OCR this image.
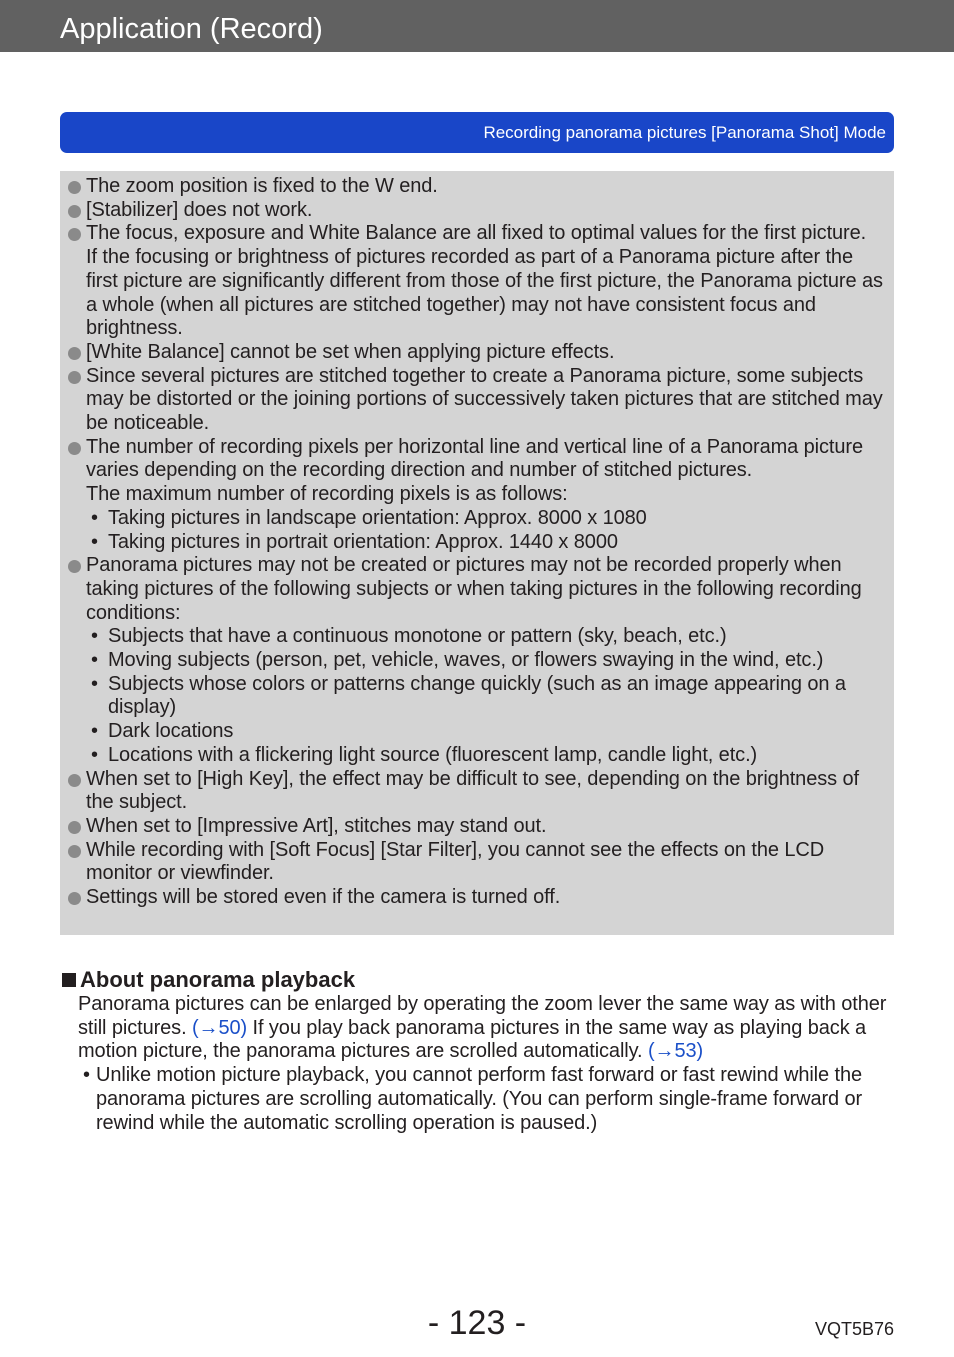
Application (Record)
Recording panorama pictures [Panorama Shot] Mode
The zoom position is fixed to the W end.
[Stabilizer] does not work.
The focus, exposure and White Balance are all fixed to optimal values for the first picture.
If the focusing or brightness of pictures recorded as part of a Panorama picture after the first picture are significantly different from those of the first picture, the Panorama picture as a whole (when all pictures are stitched together) may not have consistent focus and brightness.
[White Balance] cannot be set when applying picture effects.
Since several pictures are stitched together to create a Panorama picture, some subjects may be distorted or the joining portions of successively taken pictures that are stitched may be noticeable.
The number of recording pixels per horizontal line and vertical line of a Panorama picture varies depending on the recording direction and number of stitched pictures.
The maximum number of recording pixels is as follows:
• Taking pictures in landscape orientation: Approx. 8000 x 1080
• Taking pictures in portrait orientation: Approx. 1440 x 8000
Panorama pictures may not be created or pictures may not be recorded properly when taking pictures of the following subjects or when taking pictures in the following recording conditions:
• Subjects that have a continuous monotone or pattern (sky, beach, etc.)
• Moving subjects (person, pet, vehicle, waves, or flowers swaying in the wind, etc.)
• Subjects whose colors or patterns change quickly (such as an image appearing on a display)
• Dark locations
• Locations with a flickering light source (fluorescent lamp, candle light, etc.)
When set to [High Key], the effect may be difficult to see, depending on the brightness of the subject.
When set to [Impressive Art], stitches may stand out.
While recording with [Soft Focus] [Star Filter], you cannot see the effects on the LCD monitor or viewfinder.
Settings will be stored even if the camera is turned off.
About panorama playback
Panorama pictures can be enlarged by operating the zoom lever the same way as with other still pictures. (→50) If you play back panorama pictures in the same way as playing back a motion picture, the panorama pictures are scrolled automatically. (→53)
• Unlike motion picture playback, you cannot perform fast forward or fast rewind while the panorama pictures are scrolling automatically. (You can perform single-frame forward or rewind while the automatic scrolling operation is paused.)
- 123 -	VQT5B76
